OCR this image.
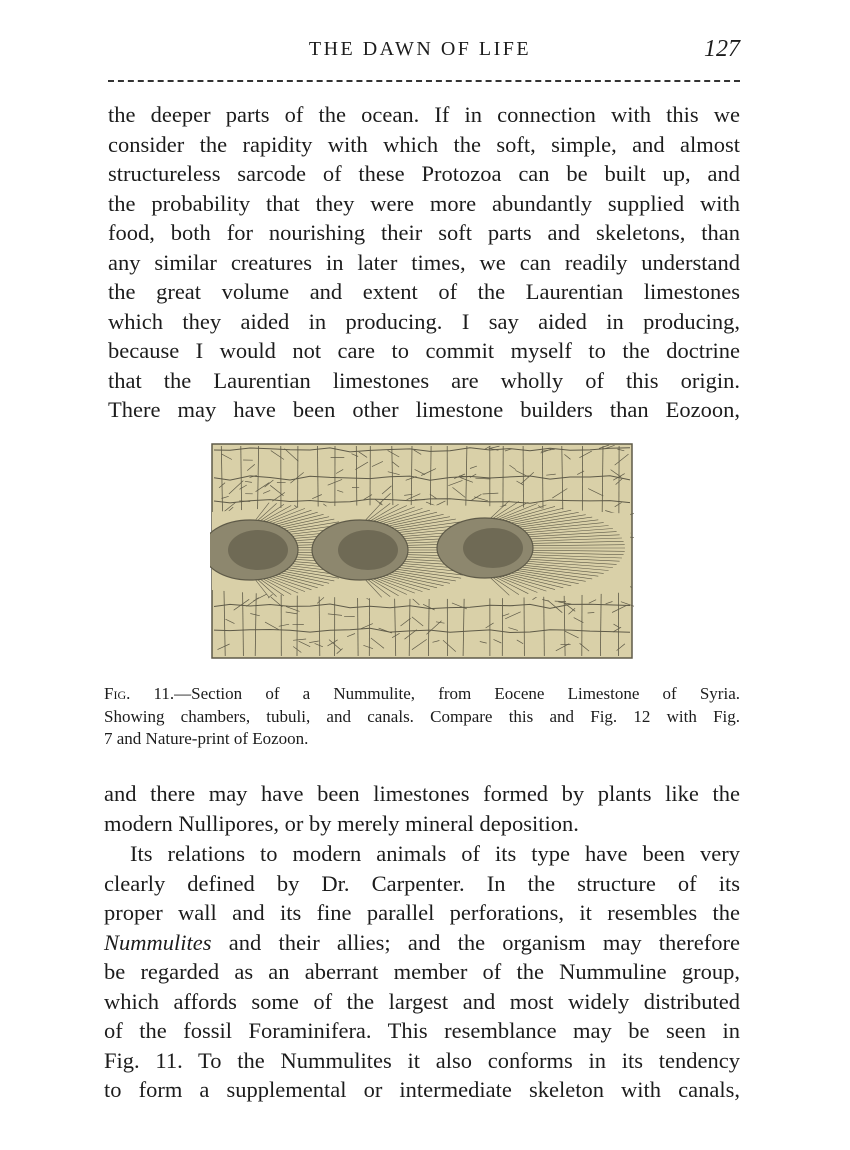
THE DAWN OF LIFE	127
the deeper parts of the ocean. If in connection with this we
consider the rapidity with which the soft, simple, and almost
structureless sarcode of these Protozoa can be built up, and
the probability that they were more abundantly supplied with
food, both for nourishing their soft parts and skeletons, than
any similar creatures in later times, we can readily understand
the great volume and extent of the Laurentian limestones
which they aided in producing. I say aided in producing,
because I would not care to commit myself to the doctrine
that the Laurentian limestones are wholly of this origin.
There may have been other limestone builders than Eozoon,
Fig. 11.—Section of a Nummulite, from Eocene Limestone of Syria.
Showing chambers, tubuli, and canals. Compare this and Fig. 12 with Fig.
7 and Nature-print of Eozoon.
and there may have been limestones formed by plants like the
modern Nullipores, or by merely mineral deposition.
Its relations to modern animals of its type have been very
clearly defined by Dr. Carpenter. In the structure of its
proper wall and its fine parallel perforations, it resembles the
Nummulites and their allies; and the organism may therefore
be regarded as an aberrant member of the Nummuline group,
which affords some of the largest and most widely distributed
of the fossil Foraminifera. This resemblance may be seen in
Fig. 11. To the Nummulites it also conforms in its tendency
to form a supplemental or intermediate skeleton with canals,
